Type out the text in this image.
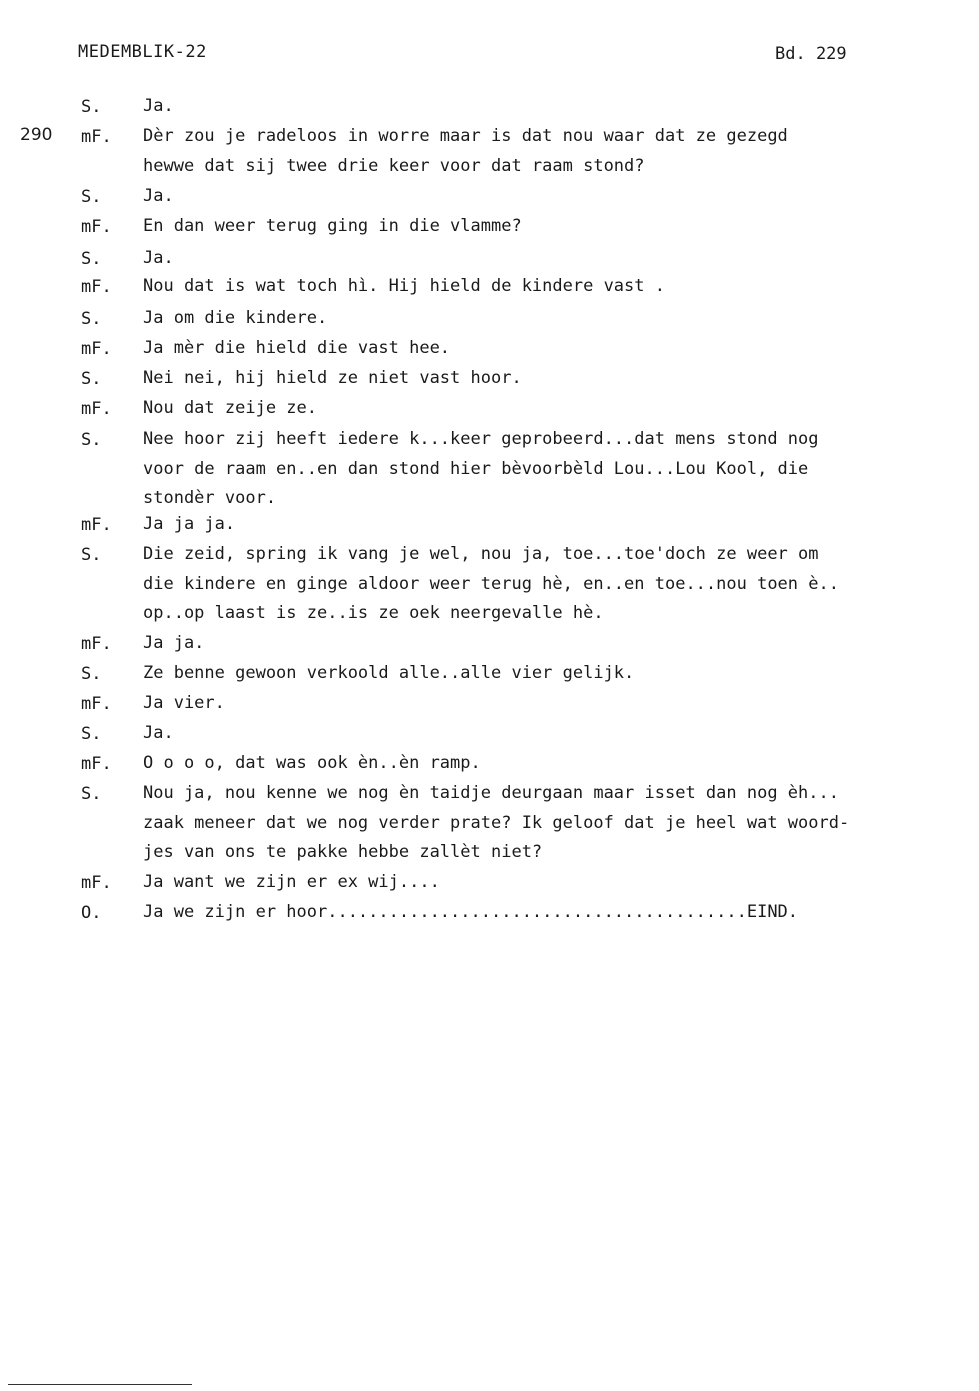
MEDEMBLIK-22	Bd. 229
290
S. Ja.
mF. Dèr zou je radeloos in worre maar is dat nou waar dat ze gezegd
hewwe dat sij twee drie keer voor dat raam stond?
S. Ja.
mF. En dan weer terug ging in die vlamme?
S. Ja.
mF. Nou dat is wat toch hì. Hij hield de kindere vast .
S. Ja om die kindere.
mF. Ja mèr die hield die vast hee.
S. Nei nei, hij hield ze niet vast hoor.
mF. Nou dat zeije ze.
S. Nee hoor zij heeft iedere k...keer geprobeerd...dat mens stond nog
voor de raam en..en dan stond hier bèvoorbèld Lou...Lou Kool, die
stondèr voor.
mF. Ja ja ja.
S. Die zeid, spring ik vang je wel, nou ja, toe...toe'doch ze weer om
die kindere en ginge aldoor weer terug hè, en..en toe...nou toen è..
op..op laast is ze..is ze oek neergevalle hè.
mF. Ja ja.
S. Ze benne gewoon verkoold alle..alle vier gelijk.
mF. Ja vier.
S. Ja.
mF. O o o o, dat was ook èn..èn ramp.
S. Nou ja, nou kenne we nog èn taidje deurgaan maar isset dan nog èh...
zaak meneer dat we nog verder prate? Ik geloof dat je heel wat woord-
jes van ons te pakke hebbe zallèt niet?
mF. Ja want we zijn er ex wij....
O. Ja we zijn er hoor.........................................EIND.
